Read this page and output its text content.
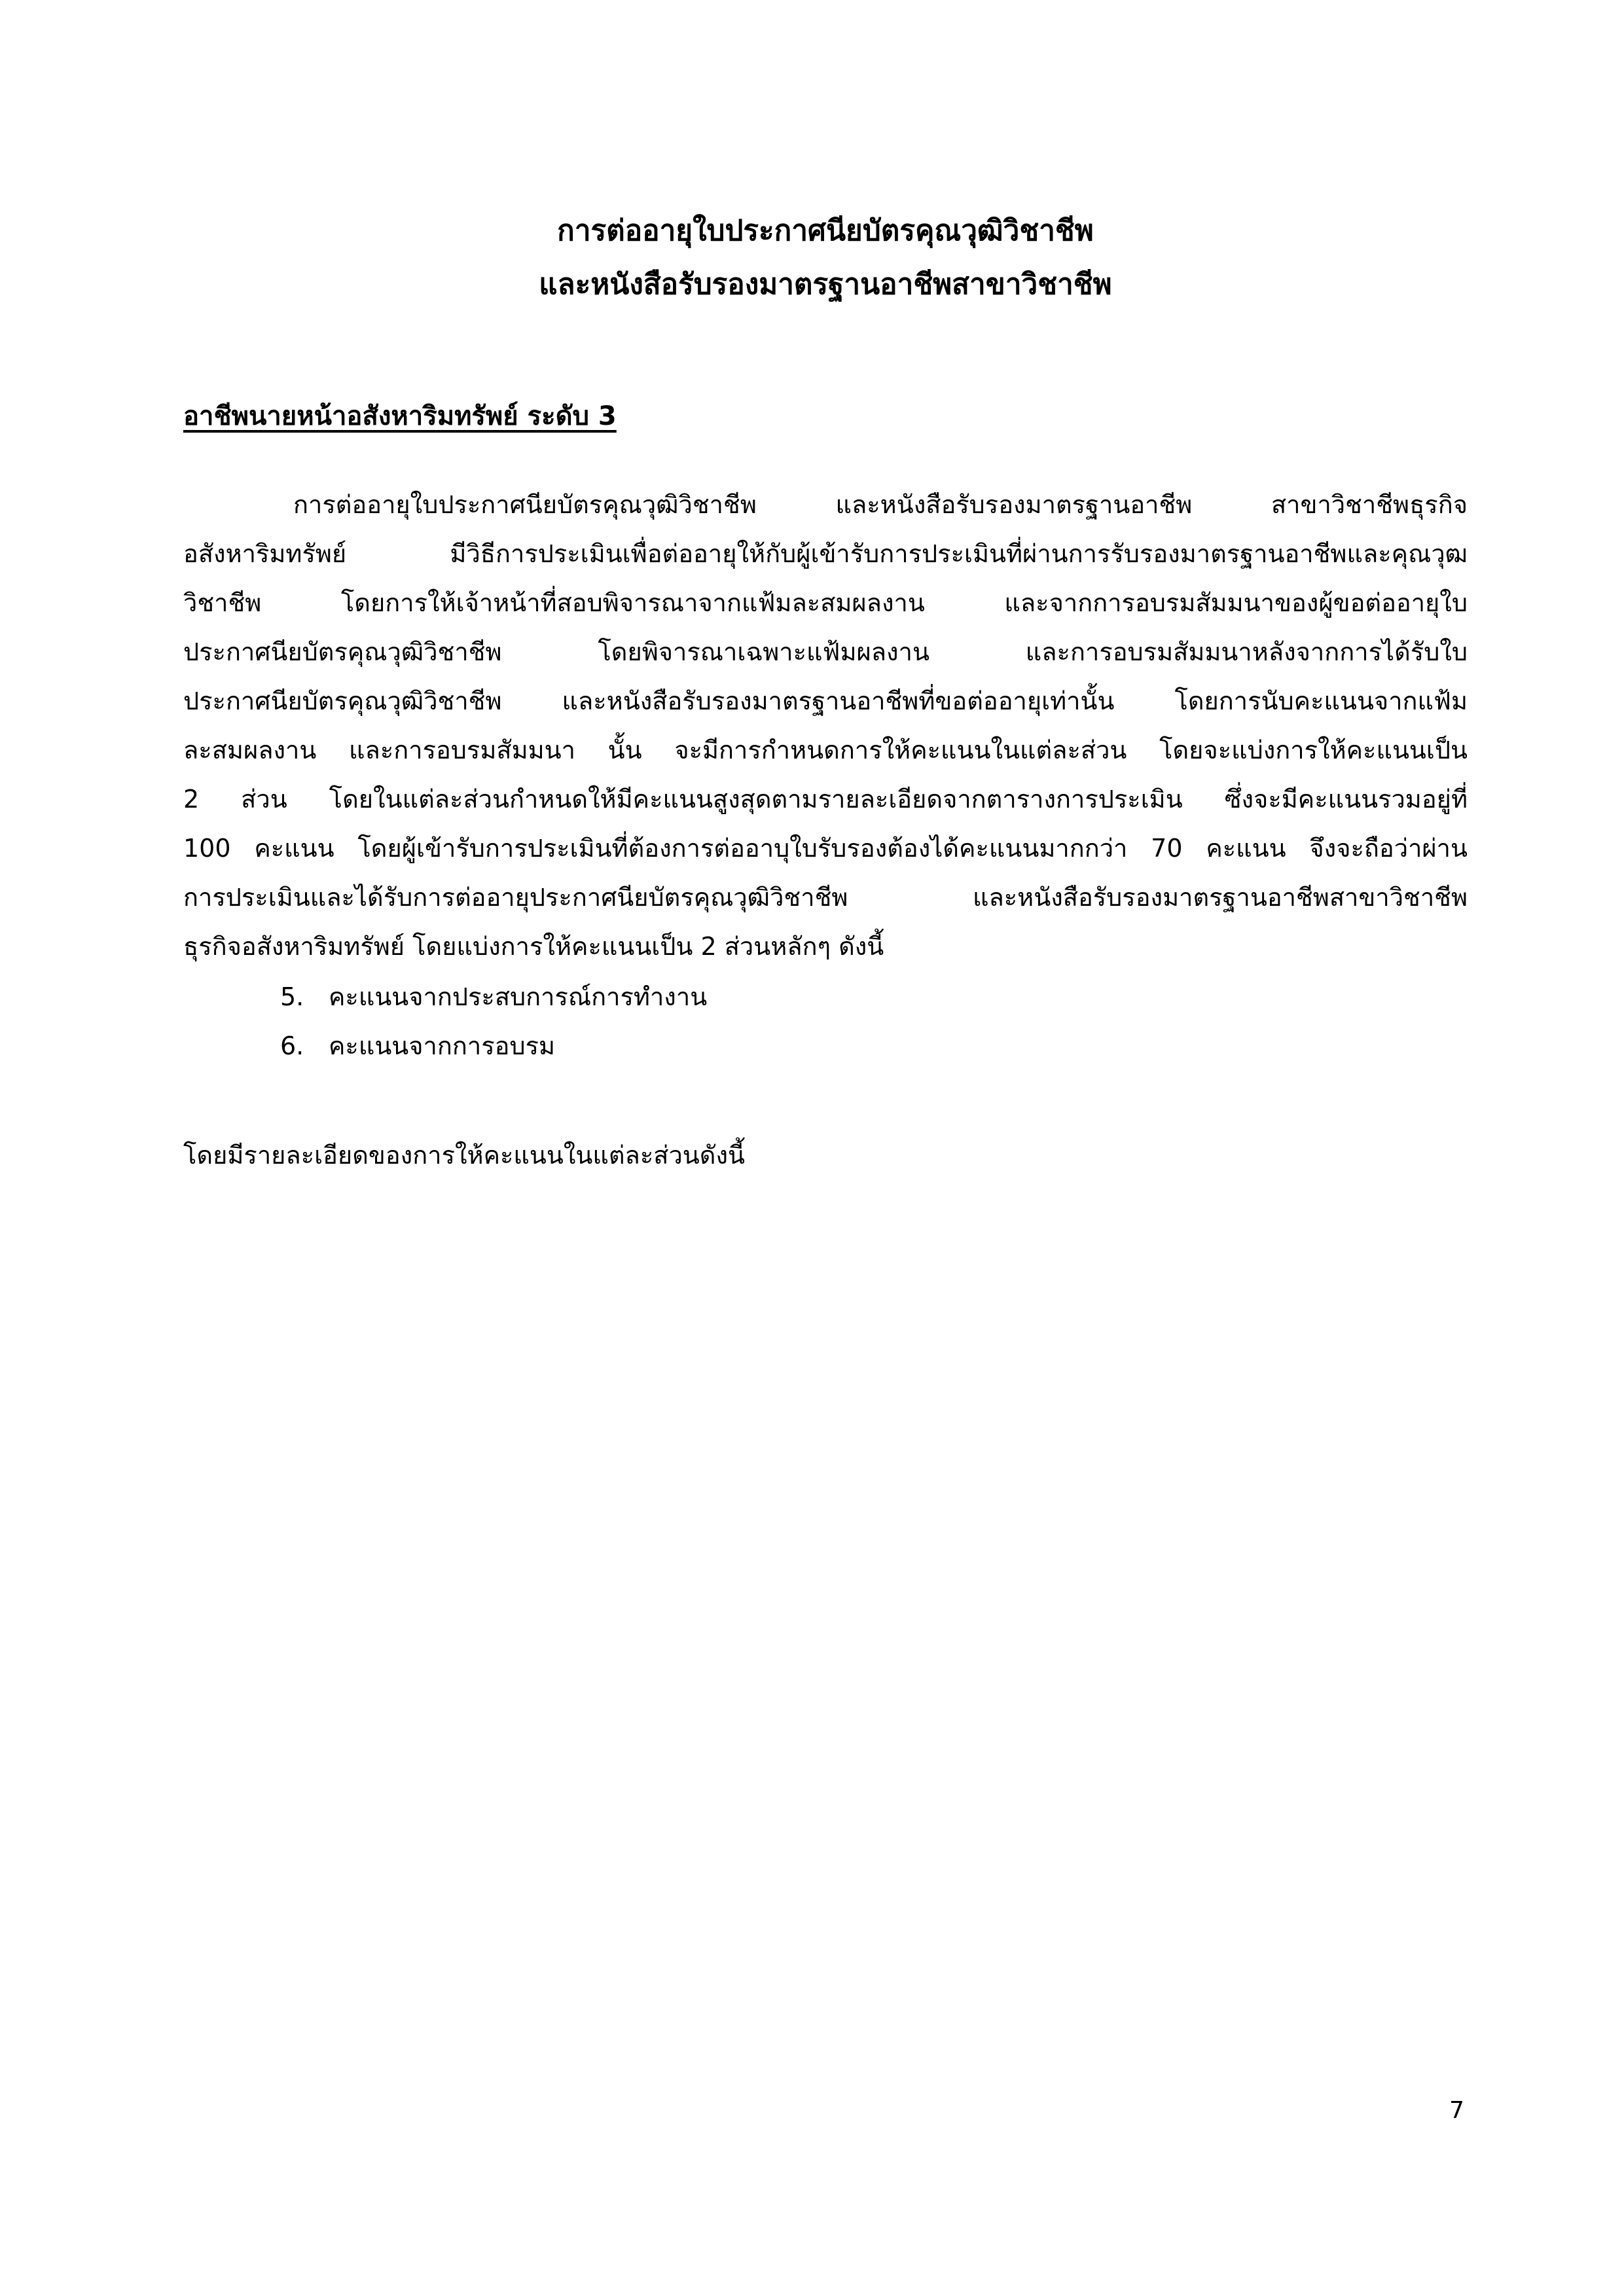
การต่ออายุใบประกาศนียบัตรคุณวุฒิวิชาชีพ
และหนังสือรับรองมาตรฐานอาชีพสาขาวิชาชีพ
อาชีพนายหน้าอสังหาริมทรัพย์ ระดับ 3
การต่ออายุใบประกาศนียบัตรคุณวุฒิวิชาชีพ และหนังสือรับรองมาตรฐานอาชีพ สาขาวิชาชีพธุรกิจ
อสังหาริมทรัพย์ มีวิธีการประเมินเพื่อต่ออายุให้กับผู้เข้ารับการประเมินที่ผ่านการรับรองมาตรฐานอาชีพและคุณวุฒ
วิชาชีพ โดยการให้เจ้าหน้าที่สอบพิจารณาจากแฟ้มละสมผลงาน และจากการอบรมสัมมนาของผู้ขอต่ออายุใบ
ประกาศนียบัตรคุณวุฒิวิชาชีพ โดยพิจารณาเฉพาะแฟ้มผลงาน และการอบรมสัมมนาหลังจากการได้รับใบ
ประกาศนียบัตรคุณวุฒิวิชาชีพ และหนังสือรับรองมาตรฐานอาชีพที่ขอต่ออายุเท่านั้น โดยการนับคะแนนจากแฟ้ม
ละสมผลงาน และการอบรมสัมมนา นั้น จะมีการกำหนดการให้คะแนนในแต่ละส่วน โดยจะแบ่งการให้คะแนนเป็น
2 ส่วน โดยในแต่ละส่วนกำหนดให้มีคะแนนสูงสุดตามรายละเอียดจากตารางการประเมิน ซึ่งจะมีคะแนนรวมอยู่ที่
100 คะแนน โดยผู้เข้ารับการประเมินที่ต้องการต่ออาบุใบรับรองต้องได้คะแนนมากกว่า 70 คะแนน จึงจะถือว่าผ่าน
การประเมินและได้รับการต่ออายุประกาศนียบัตรคุณวุฒิวิชาชีพ และหนังสือรับรองมาตรฐานอาชีพสาขาวิชาชีพ
ธุรกิจอสังหาริมทรัพย์ โดยแบ่งการให้คะแนนเป็น 2 ส่วนหลักๆ ดังนี้
5. คะแนนจากประสบการณ์การทำงาน
6. คะแนนจากการอบรม
โดยมีรายละเอียดของการให้คะแนนในแต่ละส่วนดังนี้
7
